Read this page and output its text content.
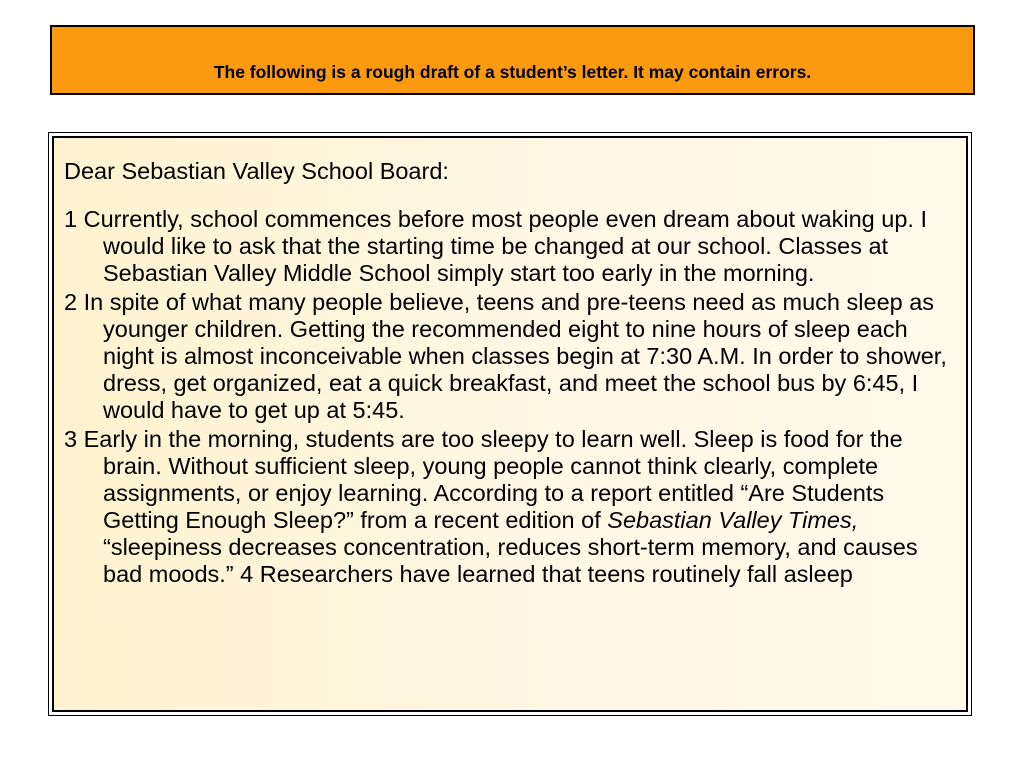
The following is a rough draft of a student’s letter. It may contain errors.

Dear Sebastian Valley School Board:

1 Currently, school commences before most people even dream about waking up. I would like to ask that the starting time be changed at our school. Classes at Sebastian Valley Middle School simply start too early in the morning.

2 In spite of what many people believe, teens and pre-teens need as much sleep as younger children. Getting the recommended eight to nine hours of sleep each night is almost inconceivable when classes begin at 7:30 A.M. In order to shower, dress, get organized, eat a quick breakfast, and meet the school bus by 6:45, I would have to get up at 5:45.

3 Early in the morning, students are too sleepy to learn well. Sleep is food for the brain. Without sufficient sleep, young people cannot think clearly, complete assignments, or enjoy learning. According to a report entitled “Are Students Getting Enough Sleep?” from a recent edition of Sebastian Valley Times, “sleepiness decreases concentration, reduces short-term memory, and causes bad moods.” 4 Researchers have learned that teens routinely fall asleep
